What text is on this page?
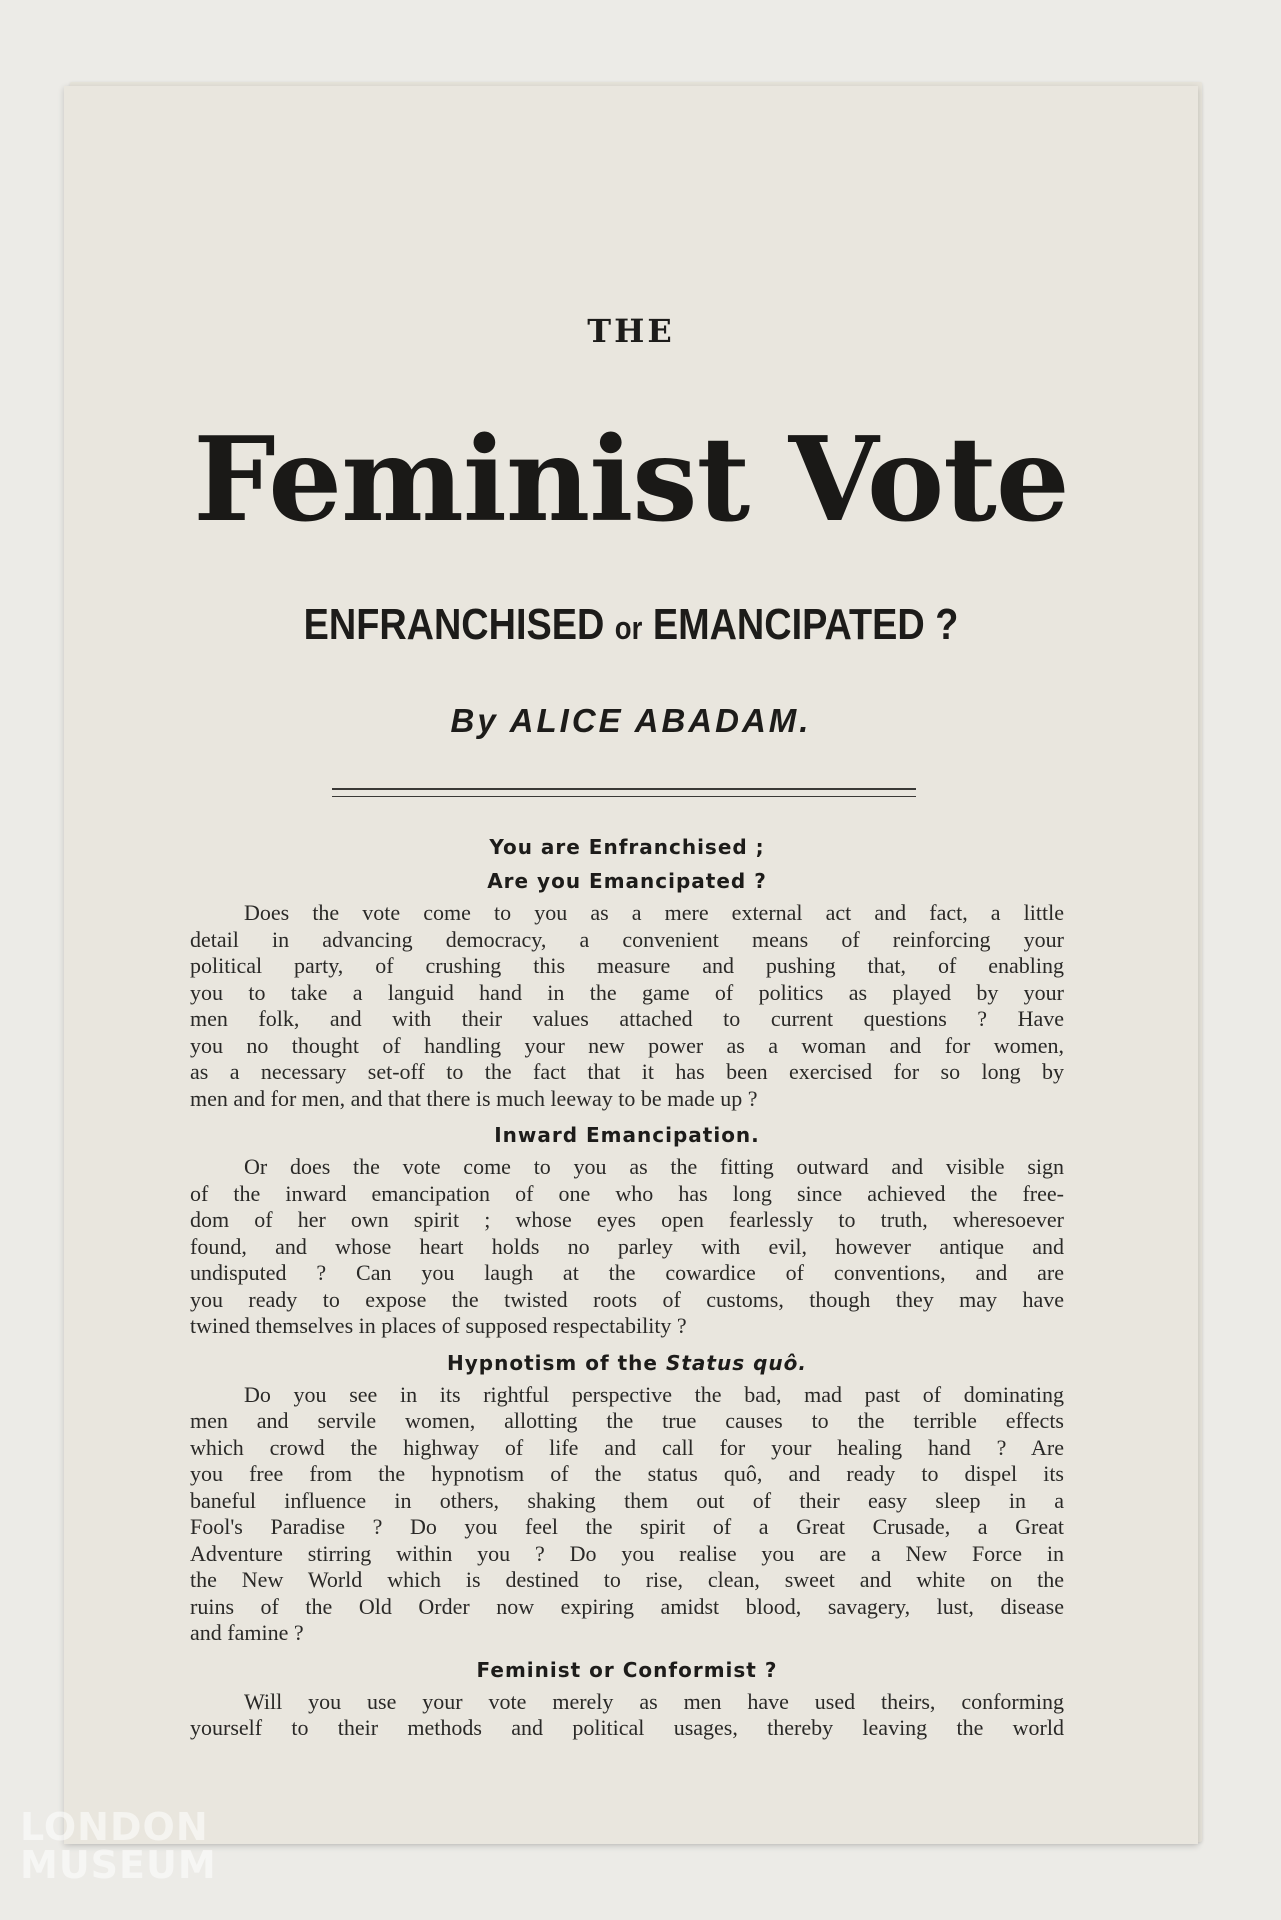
THE
Feminist Vote
ENFRANCHISED or EMANCIPATED ?
By ALICE ABADAM.
You are Enfranchised ;
Are you Emancipated ?
Does the vote come to you as a mere external act and fact, a little
detail in advancing democracy, a convenient means of reinforcing your
political party, of crushing this measure and pushing that, of enabling
you to take a languid hand in the game of politics as played by your
men folk, and with their values attached to current questions ? Have
you no thought of handling your new power as a woman and for women,
as a necessary set-off to the fact that it has been exercised for so long by
men and for men, and that there is much leeway to be made up ?
Inward Emancipation.
Or does the vote come to you as the fitting outward and visible sign
of the inward emancipation of one who has long since achieved the free-
dom of her own spirit ; whose eyes open fearlessly to truth, wheresoever
found, and whose heart holds no parley with evil, however antique and
undisputed ? Can you laugh at the cowardice of conventions, and are
you ready to expose the twisted roots of customs, though they may have
twined themselves in places of supposed respectability ?
Hypnotism of the Status quô.
Do you see in its rightful perspective the bad, mad past of dominating
men and servile women, allotting the true causes to the terrible effects
which crowd the highway of life and call for your healing hand ? Are
you free from the hypnotism of the status quô, and ready to dispel its
baneful influence in others, shaking them out of their easy sleep in a
Fool's Paradise ? Do you feel the spirit of a Great Crusade, a Great
Adventure stirring within you ? Do you realise you are a New Force in
the New World which is destined to rise, clean, sweet and white on the
ruins of the Old Order now expiring amidst blood, savagery, lust, disease
and famine ?
Feminist or Conformist ?
Will you use your vote merely as men have used theirs, conforming
yourself to their methods and political usages, thereby leaving the world
LONDON
MUSEUM
